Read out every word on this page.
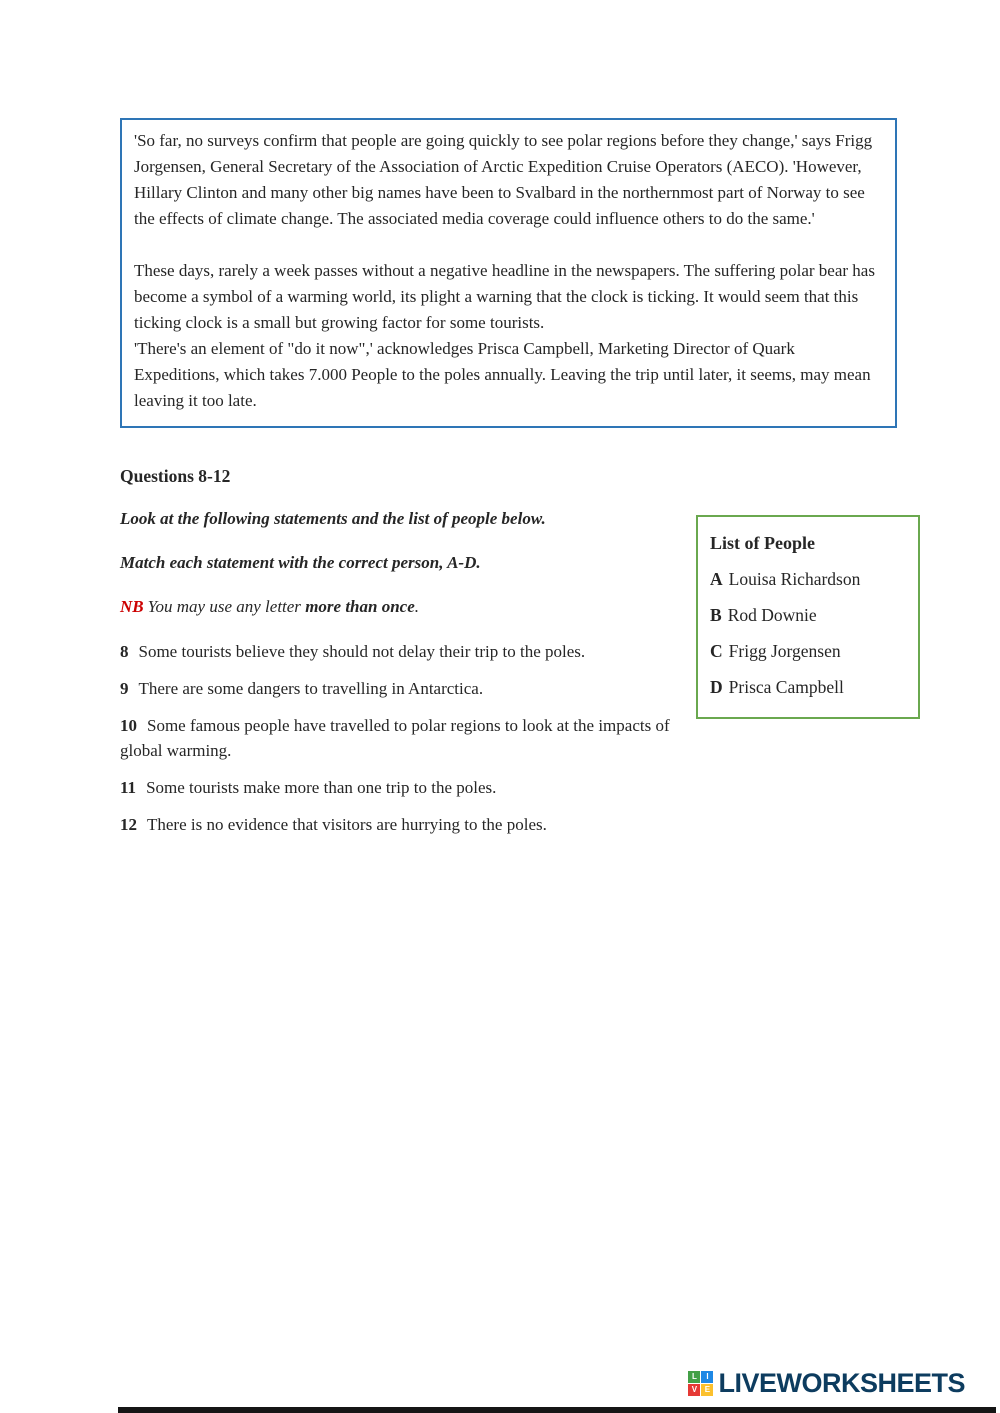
'So far, no surveys confirm that people are going quickly to see polar regions before they change,' says Frigg Jorgensen, General Secretary of the Association of Arctic Expedition Cruise Operators (AECO). 'However, Hillary Clinton and many other big names have been to Svalbard in the northernmost part of Norway to see the effects of climate change. The associated media coverage could influence others to do the same.'

These days, rarely a week passes without a negative headline in the newspapers. The suffering polar bear has become a symbol of a warming world, its plight a warning that the clock is ticking. It would seem that this ticking clock is a small but growing factor for some tourists.

'There's an element of "do it now",' acknowledges Prisca Campbell, Marketing Director of Quark Expeditions, which takes 7.000 People to the poles annually. Leaving the trip until later, it seems, may mean leaving it too late.

Questions 8-12

List of People
A Louisa Richardson
B Rod Downie
C Frigg Jorgensen
D Prisca Campbell

Look at the following statements and the list of people below.

Match each statement with the correct person, A-D.

NB You may use any letter more than once.

8 Some tourists believe they should not delay their trip to the poles.

9 There are some dangers to travelling in Antarctica.

10 Some famous people have travelled to polar regions to look at the impacts of global warming.

11 Some tourists make more than one trip to the poles.

12 There is no evidence that visitors are hurrying to the poles.

L	I
V E LIVEWORKSHEETS
